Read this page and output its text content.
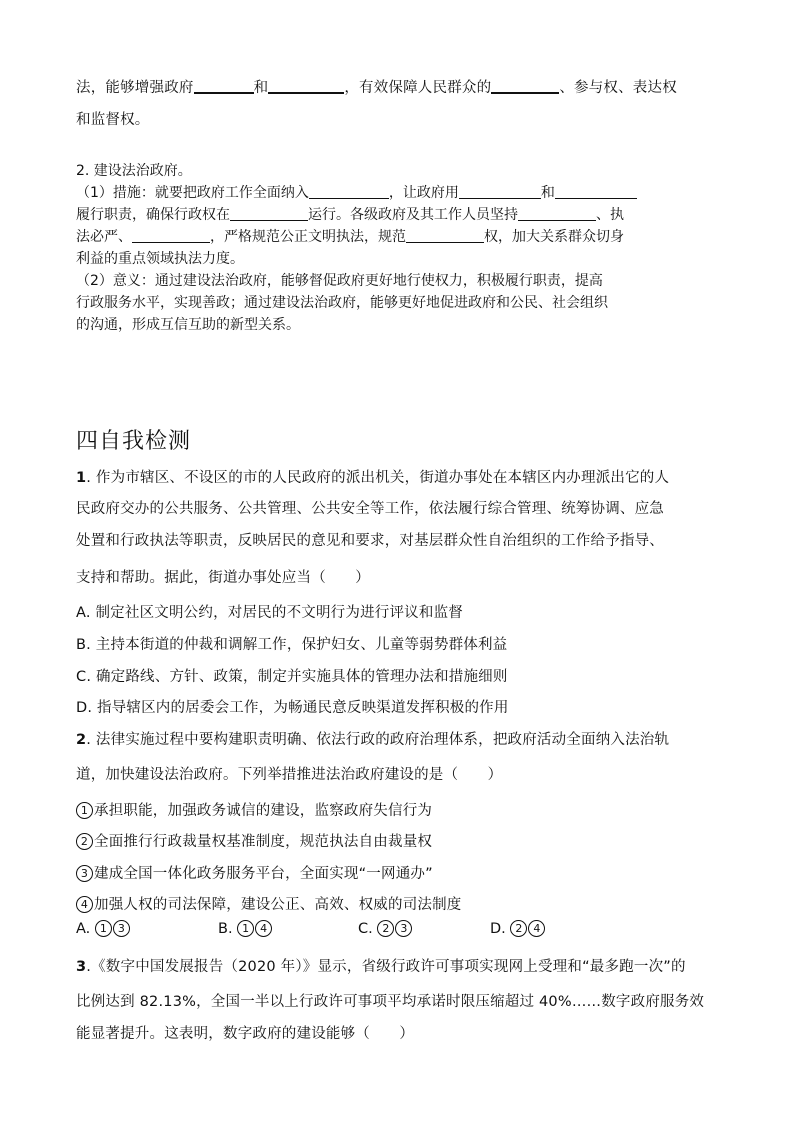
法，能够增强政府	和	，有效保障人民群众的	、参与权、表达权
和监督权。
2. 建设法治政府。
（1）措施：就要把政府工作全面纳入	，让政府用	和
履行职责，确保行政权在	运行。各级政府及其工作人员坚持	、执
法必严、	，严格规范公正文明执法，规范	权，加大关系群众切身
利益的重点领域执法力度。
（2）意义：通过建设法治政府，能够督促政府更好地行使权力，积极履行职责，提高
行政服务水平，实现善政；通过建设法治政府，能够更好地促进政府和公民、社会组织
的沟通，形成互信互助的新型关系。
四自我检测
1. 作为市辖区、不设区的市的人民政府的派出机关，街道办事处在本辖区内办理派出它的人
民政府交办的公共服务、公共管理、公共安全等工作，依法履行综合管理、统筹协调、应急
处置和行政执法等职责，反映居民的意见和要求，对基层群众性自治组织的工作给予指导、
支持和帮助。据此，街道办事处应当（　　）
A. 制定社区文明公约，对居民的不文明行为进行评议和监督
B. 主持本街道的仲裁和调解工作，保护妇女、儿童等弱势群体利益
C. 确定路线、方针、政策，制定并实施具体的管理办法和措施细则
D. 指导辖区内的居委会工作，为畅通民意反映渠道发挥积极的作用
2. 法律实施过程中要构建职责明确、依法行政的政府治理体系，把政府活动全面纳入法治轨
道，加快建设法治政府。下列举措推进法治政府建设的是（　　）
1 承担职能，加强政务诚信的建设，监察政府失信行为
2 全面推行行政裁量权基准制度，规范执法自由裁量权
3 建成全国一体化政务服务平台，全面实现“一网通办”
4 加强人权的司法保障，建设公正、高效、权威的司法制度
A. 1 3	B. 1 4	C. 2 3	D. 2 4
3.《数字中国发展报告（2020 年）》显示，省级行政许可事项实现网上受理和“最多跑一次”的
比例达到 82.13%，全国一半以上行政许可事项平均承诺时限压缩超过 40%……数字政府服务效
能显著提升。这表明，数字政府的建设能够（　　）
